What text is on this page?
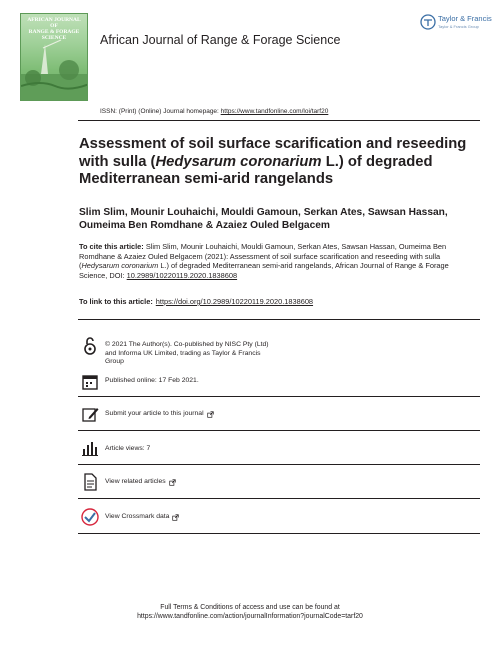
AFRICAN JOURNAL OF
RANGE & FORAGE SCIENCE
Taylor & Francis
Taylor & Francis Group
African Journal of Range & Forage Science
ISSN: (Print) (Online) Journal homepage: https://www.tandfonline.com/loi/tarf20
Assessment of soil surface scarification and reseeding with sulla (Hedysarum coronarium L.) of degraded Mediterranean semi-arid rangelands
Slim Slim, Mounir Louhaichi, Mouldi Gamoun, Serkan Ates, Sawsan Hassan, Oumeima Ben Romdhane & Azaiez Ouled Belgacem
To cite this article: Slim Slim, Mounir Louhaichi, Mouldi Gamoun, Serkan Ates, Sawsan Hassan, Oumeima Ben Romdhane & Azaiez Ouled Belgacem (2021): Assessment of soil surface scarification and reseeding with sulla (Hedysarum coronarium L.) of degraded Mediterranean semi-arid rangelands, African Journal of Range & Forage Science, DOI: 10.2989/10220119.2020.1838608
To link to this article: https://doi.org/10.2989/10220119.2020.1838608
© 2021 The Author(s). Co-published by NISC Pty (Ltd) and Informa UK Limited, trading as Taylor & Francis Group
Published online: 17 Feb 2021.
Submit your article to this journal
Article views: 7
View related articles
View Crossmark data
Full Terms & Conditions of access and use can be found at
https://www.tandfonline.com/action/journalInformation?journalCode=tarf20
